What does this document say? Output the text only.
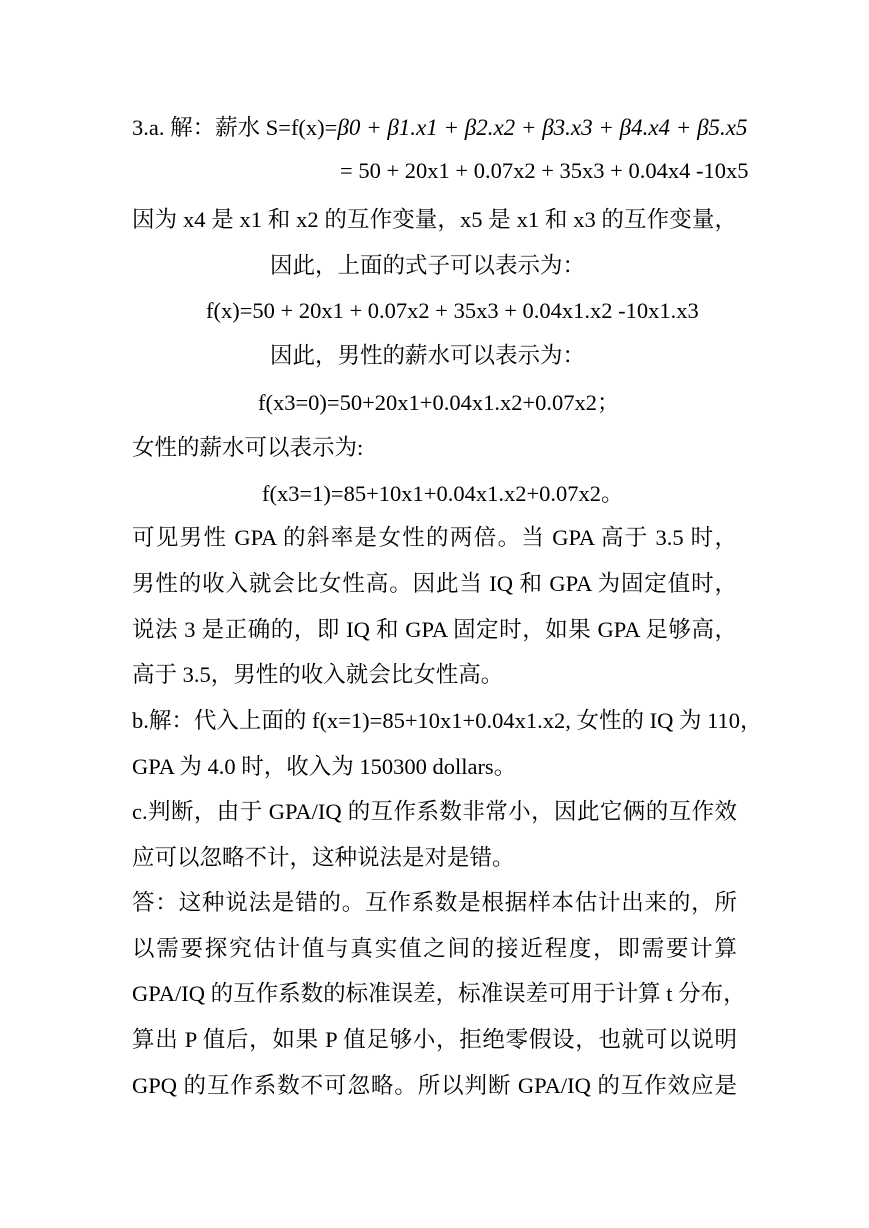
3.a. 解：薪水 S=f(x)=β0 + β1.x1 + β2.x2 + β3.x3 + β4.x4 + β5.x5
= 50 + 20x1 + 0.07x2 + 35x3 + 0.04x4 -10x5
因为 x4 是 x1 和 x2 的互作变量，x5 是 x1 和 x3 的互作变量，
因此，上面的式子可以表示为：
f(x)=50 + 20x1 + 0.07x2 + 35x3 + 0.04x1.x2 -10x1.x3
因此，男性的薪水可以表示为：
f(x3=0)=50+20x1+0.04x1.x2+0.07x2；
女性的薪水可以表示为:
f(x3=1)=85+10x1+0.04x1.x2+0.07x2。
可见男性 GPA 的斜率是女性的两倍。当 GPA 高于 3.5 时，
男性的收入就会比女性高。因此当 IQ 和 GPA 为固定值时，
说法 3 是正确的，即 IQ 和 GPA 固定时，如果 GPA 足够高，
高于 3.5，男性的收入就会比女性高。
b.解：代入上面的 f(x=1)=85+10x1+0.04x1.x2, 女性的 IQ 为 110，
GPA 为 4.0 时，收入为 150300 dollars。
c.判断，由于 GPA/IQ 的互作系数非常小，因此它俩的互作效
应可以忽略不计，这种说法是对是错。
答：这种说法是错的。互作系数是根据样本估计出来的，所
以需要探究估计值与真实值之间的接近程度，即需要计算
GPA/IQ 的互作系数的标准误差，标准误差可用于计算 t 分布，
算出 P 值后，如果 P 值足够小，拒绝零假设，也就可以说明
GPQ 的互作系数不可忽略。所以判断 GPA/IQ 的互作效应是
